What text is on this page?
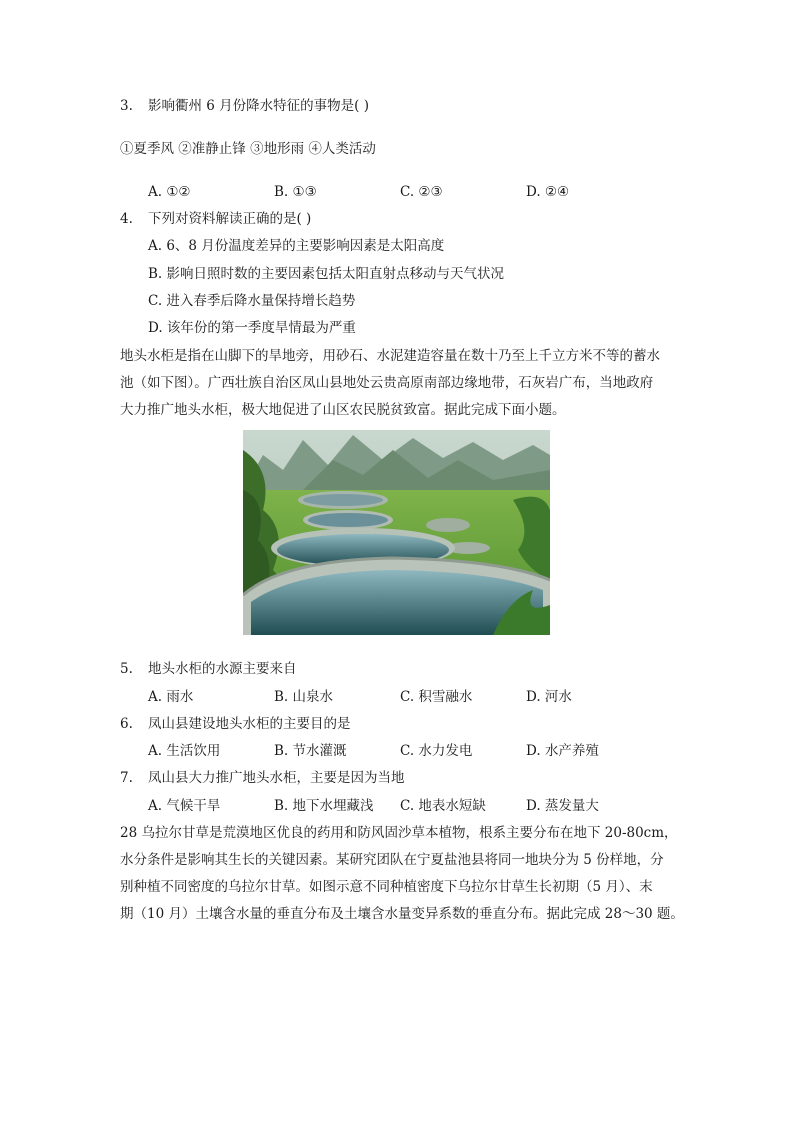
3. 影响衢州 6 月份降水特征的事物是( )
①夏季风 ②准静止锋 ③地形雨 ④人类活动
A. ①②	B. ①③	C. ②③	D. ②④
4. 下列对资料解读正确的是( )
A. 6、8 月份温度差异的主要影响因素是太阳高度
B. 影响日照时数的主要因素包括太阳直射点移动与天气状况
C. 进入春季后降水量保持增长趋势
D. 该年份的第一季度旱情最为严重
地头水柜是指在山脚下的旱地旁，用砂石、水泥建造容量在数十乃至上千立方米不等的蓄水
池（如下图）。广西壮族自治区凤山县地处云贵高原南部边缘地带，石灰岩广布，当地政府
大力推广地头水柜，极大地促进了山区农民脱贫致富。据此完成下面小题。
5. 地头水柜的水源主要来自
A. 雨水	B. 山泉水	C. 积雪融水	D. 河水
6. 凤山县建设地头水柜的主要目的是
A. 生活饮用	B. 节水灌溉	C. 水力发电	D. 水产养殖
7. 凤山县大力推广地头水柜，主要是因为当地
A. 气候干旱	B. 地下水埋藏浅 C. 地表水短缺	D. 蒸发量大
28 乌拉尔甘草是荒漠地区优良的药用和防风固沙草本植物，根系主要分布在地下 20-80cm，
水分条件是影响其生长的关键因素。某研究团队在宁夏盐池县将同一地块分为 5 份样地，分
别种植不同密度的乌拉尔甘草。如图示意不同种植密度下乌拉尔甘草生长初期（5 月）、末
期（10 月）土壤含水量的垂直分布及土壤含水量变异系数的垂直分布。据此完成 28～30 题。
